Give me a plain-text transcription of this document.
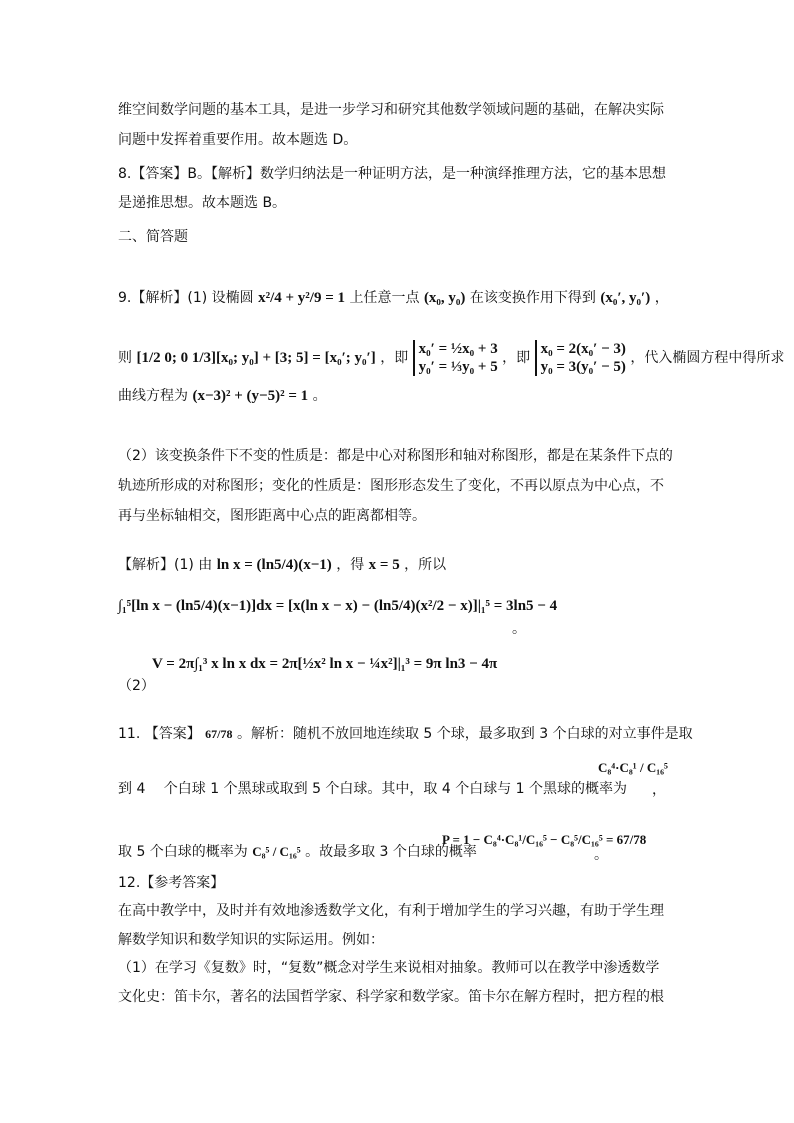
维空间数学问题的基本工具，是进一步学习和研究其他数学领域问题的基础，在解决实际
问题中发挥着重要作用。故本题选 D。
8.【答案】B。【解析】数学归纳法是一种证明方法，是一种演绎推理方法，它的基本思想
是递推思想。故本题选 B。
二、简答题
9.【解析】(1) 设椭圆 x²/4 + y²/9 = 1 上任意一点 (x₀, y₀) 在该变换作用下得到 (x₀′, y₀′) ，
则 [1/2 0; 0 1/3][x₀; y₀] + [3; 5] = [x₀′; y₀′] ，即
x₀′ = ½x₀ + 3
y₀′ = ⅓y₀ + 5
，即
x₀ = 2(x₀′ − 3)
y₀ = 3(y₀′ − 5)
，代入椭圆方程中得所求
曲线方程为 (x−3)² + (y−5)² = 1 。
（2）该变换条件下不变的性质是：都是中心对称图形和轴对称图形，都是在某条件下点的
轨迹所形成的对称图形；变化的性质是：图形形态发生了变化，不再以原点为中心点，不
再与坐标轴相交，图形距离中心点的距离都相等。
【解析】(1) 由 ln x = (ln5/4)(x−1) ，得 x = 5 ，所以
∫₁⁵[ln x − (ln5/4)(x−1)]dx = [x(ln x − x) − (ln5/4)(x²/2 − x)]|₁⁵ = 3ln5 − 4
。
（2）
V = 2π∫₁³ x ln x dx = 2π[½x² ln x − ¼x²]|₁³ = 9π ln3 − 4π
11. 【答案】 67/78 。解析：随机不放回地连续取 5 个球，最多取到 3 个白球的对立事件是取
到 4　 个白球 1 个黑球或取到 5 个白球。其中，取 4 个白球与 1 个黑球的概率为
C₈⁴·C₈¹ / C₁₆⁵
，
取 5 个白球的概率为 C₈⁵ / C₁₆⁵ 。故最多取 3 个白球的概率
P = 1 − C₈⁴·C₈¹/C₁₆⁵ − C₈⁵/C₁₆⁵ = 67/78
。
12.【参考答案】
在高中教学中，及时并有效地渗透数学文化，有利于增加学生的学习兴趣，有助于学生理
解数学知识和数学知识的实际运用。例如：
（1）在学习《复数》时，“复数”概念对学生来说相对抽象。教师可以在教学中渗透数学
文化史：笛卡尔，著名的法国哲学家、科学家和数学家。笛卡尔在解方程时，把方程的根
